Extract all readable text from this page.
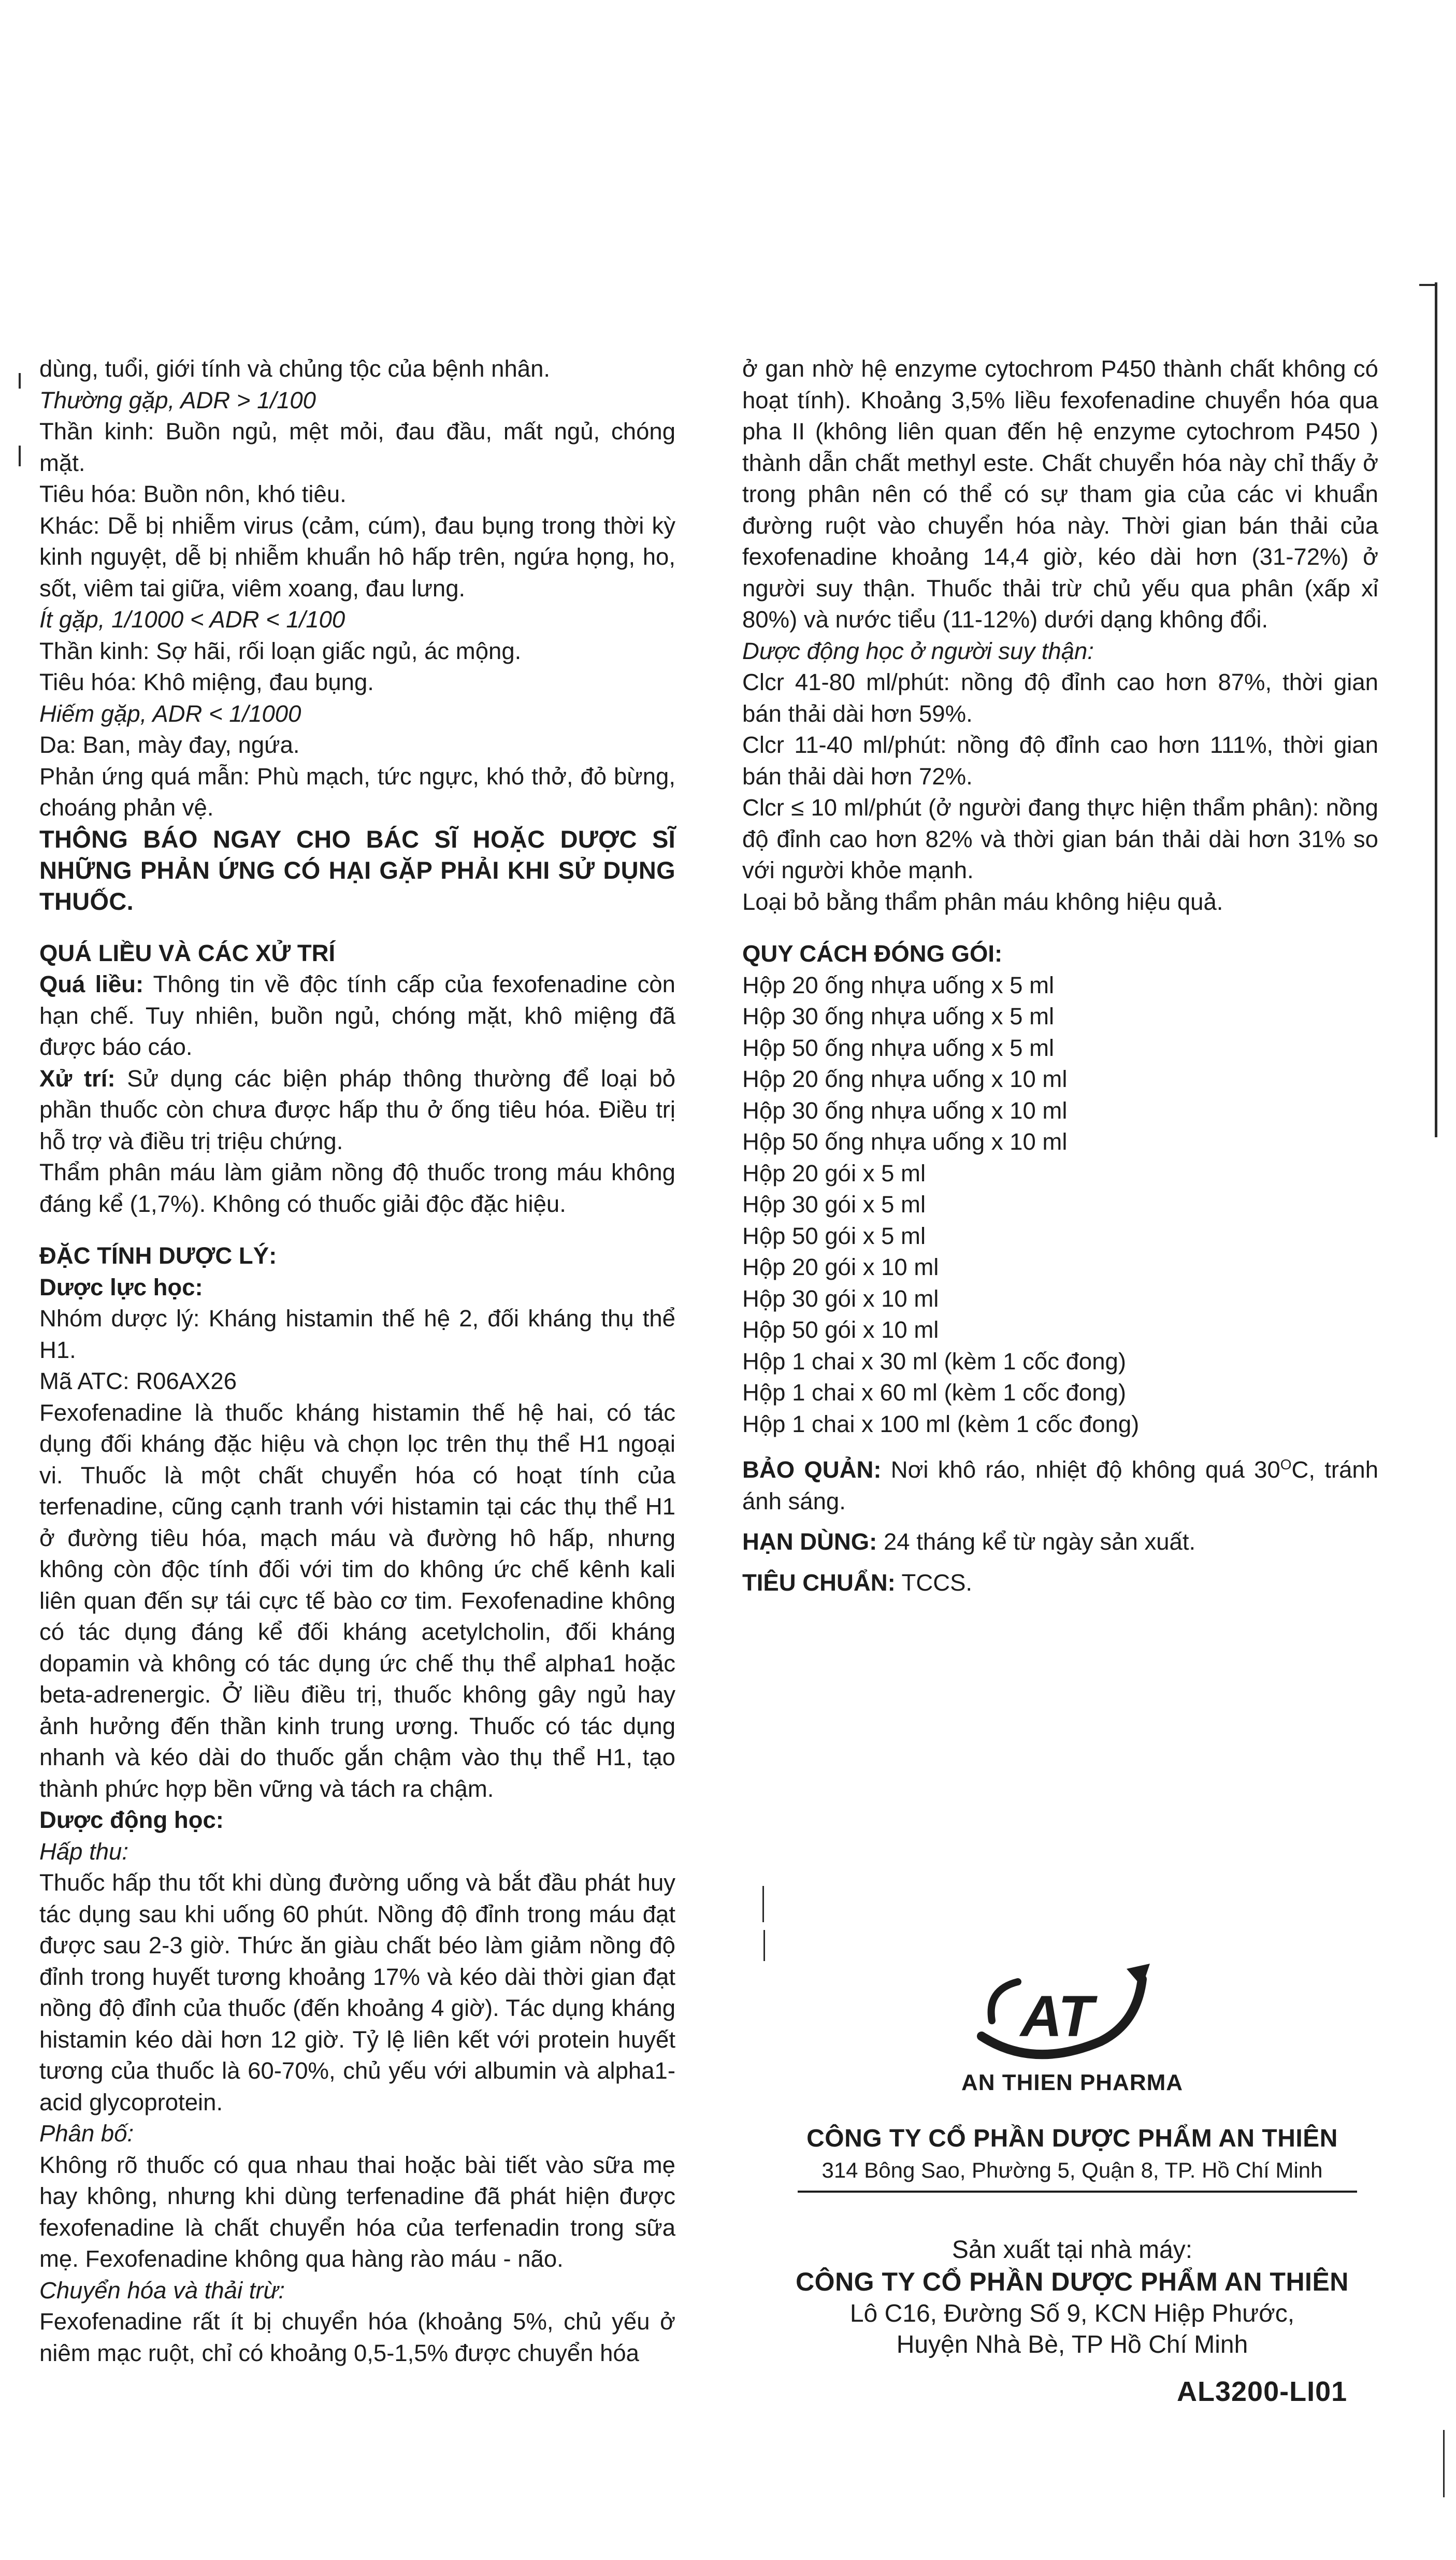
dùng, tuổi, giới tính và chủng tộc của bệnh nhân.

Thường gặp, ADR > 1/100

Thần kinh: Buồn ngủ, mệt mỏi, đau đầu, mất ngủ, chóng mặt.

Tiêu hóa: Buồn nôn, khó tiêu.

Khác: Dễ bị nhiễm virus (cảm, cúm), đau bụng trong thời kỳ kinh nguyệt, dễ bị nhiễm khuẩn hô hấp trên, ngứa họng, ho, sốt, viêm tai giữa, viêm xoang, đau lưng.

Ít gặp, 1/1000 < ADR < 1/100

Thần kinh: Sợ hãi, rối loạn giấc ngủ, ác mộng.

Tiêu hóa: Khô miệng, đau bụng.

Hiếm gặp, ADR < 1/1000

Da: Ban, mày đay, ngứa.

Phản ứng quá mẫn: Phù mạch, tức ngực, khó thở, đỏ bừng, choáng phản vệ.

THÔNG BÁO NGAY CHO BÁC SĨ HOẶC DƯỢC SĨ NHỮNG PHẢN ỨNG CÓ HẠI GẶP PHẢI KHI SỬ DỤNG THUỐC.

QUÁ LIỀU VÀ CÁC XỬ TRÍ

Quá liều: Thông tin về độc tính cấp của fexofenadine còn hạn chế. Tuy nhiên, buồn ngủ, chóng mặt, khô miệng đã được báo cáo.

Xử trí: Sử dụng các biện pháp thông thường để loại bỏ phần thuốc còn chưa được hấp thu ở ống tiêu hóa. Điều trị hỗ trợ và điều trị triệu chứng.

Thẩm phân máu làm giảm nồng độ thuốc trong máu không đáng kể (1,7%). Không có thuốc giải độc đặc hiệu.

ĐẶC TÍNH DƯỢC LÝ:

Dược lực học:

Nhóm dược lý: Kháng histamin thế hệ 2, đối kháng thụ thể H1.

Mã ATC: R06AX26

Fexofenadine là thuốc kháng histamin thế hệ hai, có tác dụng đối kháng đặc hiệu và chọn lọc trên thụ thể H1 ngoại vi. Thuốc là một chất chuyển hóa có hoạt tính của terfenadine, cũng cạnh tranh với histamin tại các thụ thể H1 ở đường tiêu hóa, mạch máu và đường hô hấp, nhưng không còn độc tính đối với tim do không ức chế kênh kali liên quan đến sự tái cực tế bào cơ tim. Fexofenadine không có tác dụng đáng kể đối kháng acetylcholin, đối kháng dopamin và không có tác dụng ức chế thụ thể alpha1 hoặc beta-adrenergic. Ở liều điều trị, thuốc không gây ngủ hay ảnh hưởng đến thần kinh trung ương. Thuốc có tác dụng nhanh và kéo dài do thuốc gắn chậm vào thụ thể H1, tạo thành phức hợp bền vững và tách ra chậm.

Dược động học:

Hấp thu:

Thuốc hấp thu tốt khi dùng đường uống và bắt đầu phát huy tác dụng sau khi uống 60 phút. Nồng độ đỉnh trong máu đạt được sau 2-3 giờ. Thức ăn giàu chất béo làm giảm nồng độ đỉnh trong huyết tương khoảng 17% và kéo dài thời gian đạt nồng độ đỉnh của thuốc (đến khoảng 4 giờ). Tác dụng kháng histamin kéo dài hơn 12 giờ. Tỷ lệ liên kết với protein huyết tương của thuốc là 60-70%, chủ yếu với albumin và alpha1-acid glycoprotein.

Phân bố:

Không rõ thuốc có qua nhau thai hoặc bài tiết vào sữa mẹ hay không, nhưng khi dùng terfenadine đã phát hiện được fexofenadine là chất chuyển hóa của terfenadin trong sữa mẹ. Fexofenadine không qua hàng rào máu - não.

Chuyển hóa và thải trừ:

Fexofenadine rất ít bị chuyển hóa (khoảng 5%, chủ yếu ở niêm mạc ruột, chỉ có khoảng 0,5-1,5% được chuyển hóa

ở gan nhờ hệ enzyme cytochrom P450 thành chất không có hoạt tính). Khoảng 3,5% liều fexofenadine chuyển hóa qua pha II (không liên quan đến hệ enzyme cytochrom P450 ) thành dẫn chất methyl este. Chất chuyển hóa này chỉ thấy ở trong phân nên có thể có sự tham gia của các vi khuẩn đường ruột vào chuyển hóa này. Thời gian bán thải của fexofenadine khoảng 14,4 giờ, kéo dài hơn (31-72%) ở người suy thận. Thuốc thải trừ chủ yếu qua phân (xấp xỉ 80%) và nước tiểu (11-12%) dưới dạng không đổi.

Dược động học ở người suy thận:

Clcr 41-80 ml/phút: nồng độ đỉnh cao hơn 87%, thời gian bán thải dài hơn 59%.

Clcr 11-40 ml/phút: nồng độ đỉnh cao hơn 111%, thời gian bán thải dài hơn 72%.

Clcr ≤ 10 ml/phút (ở người đang thực hiện thẩm phân): nồng độ đỉnh cao hơn 82% và thời gian bán thải dài hơn 31% so với người khỏe mạnh.

Loại bỏ bằng thẩm phân máu không hiệu quả.

QUY CÁCH ĐÓNG GÓI:

Hộp 20 ống nhựa uống x 5 ml
Hộp 30 ống nhựa uống x 5 ml
Hộp 50 ống nhựa uống x 5 ml
Hộp 20 ống nhựa uống x 10 ml
Hộp 30 ống nhựa uống x 10 ml
Hộp 50 ống nhựa uống x 10 ml
Hộp 20 gói x 5 ml
Hộp 30 gói x 5 ml
Hộp 50 gói x 5 ml
Hộp 20 gói x 10 ml
Hộp 30 gói x 10 ml
Hộp 50 gói x 10 ml
Hộp 1 chai x 30 ml (kèm 1 cốc đong)
Hộp 1 chai x 60 ml (kèm 1 cốc đong)
Hộp 1 chai x 100 ml (kèm 1 cốc đong)

BẢO QUẢN: Nơi khô ráo, nhiệt độ không quá $30^OC$, tránh ánh sáng.

HẠN DÙNG: 24 tháng kể từ ngày sản xuất.

TIÊU CHUẨN: TCCS.

AT
AN THIEN PHARMA
CÔNG TY CỔ PHẦN DƯỢC PHẨM AN THIÊN
314 Bông Sao, Phường 5, Quận 8, TP. Hồ Chí Minh
Sản xuất tại nhà máy:
CÔNG TY CỔ PHẦN DƯỢC PHẨM AN THIÊN
Lô C16, Đường Số 9, KCN Hiệp Phước,
Huyện Nhà Bè, TP Hồ Chí Minh
AL3200-LI01
